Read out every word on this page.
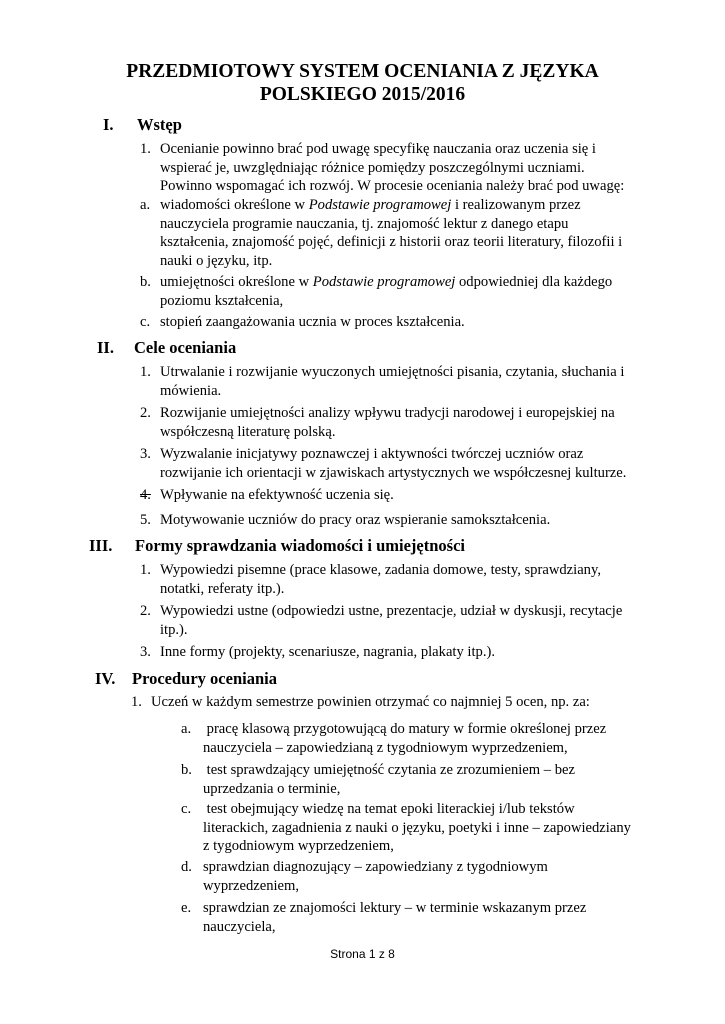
PRZEDMIOTOWY SYSTEM OCENIANIA Z JĘZYKA
POLSKIEGO 2015/2016
I. Wstęp
1. Ocenianie powinno brać pod uwagę specyfikę nauczania oraz uczenia się i
wspierać je, uwzględniając różnice pomiędzy poszczególnymi uczniami.
Powinno wspomagać ich rozwój. W procesie oceniania należy brać pod uwagę:
a. wiadomości określone w Podstawie programowej i realizowanym przez
nauczyciela programie nauczania, tj. znajomość lektur z danego etapu
kształcenia, znajomość pojęć, definicji z historii oraz teorii literatury, filozofii i
nauki o języku, itp.
b. umiejętności określone w Podstawie programowej odpowiedniej dla każdego
poziomu kształcenia,
c. stopień zaangażowania ucznia w proces kształcenia.
II. Cele oceniania
1. Utrwalanie i rozwijanie wyuczonych umiejętności pisania, czytania, słuchania i
mówienia.
2. Rozwijanie umiejętności analizy wpływu tradycji narodowej i europejskiej na
współczesną literaturę polską.
3. Wyzwalanie inicjatywy poznawczej i aktywności twórczej uczniów oraz
rozwijanie ich orientacji w zjawiskach artystycznych we współczesnej kulturze.
4. Wpływanie na efektywność uczenia się.
5. Motywowanie uczniów do pracy oraz wspieranie samokształcenia.
III. Formy sprawdzania wiadomości i umiejętności
1. Wypowiedzi pisemne (prace klasowe, zadania domowe, testy, sprawdziany,
notatki, referaty itp.).
2. Wypowiedzi ustne (odpowiedzi ustne, prezentacje, udział w dyskusji, recytacje
itp.).
3. Inne formy (projekty, scenariusze, nagrania, plakaty itp.).
IV. Procedury oceniania
1. Uczeń w każdym semestrze powinien otrzymać co najmniej 5 ocen, np. za:
a. pracę klasową przygotowującą do matury w formie określonej przez
nauczyciela – zapowiedzianą z tygodniowym wyprzedzeniem,
b. test sprawdzający umiejętność czytania ze zrozumieniem – bez
uprzedzania o terminie,
c. test obejmujący wiedzę na temat epoki literackiej i/lub tekstów
literackich, zagadnienia z nauki o języku, poetyki i inne – zapowiedziany
z tygodniowym wyprzedzeniem,
d. sprawdzian diagnozujący – zapowiedziany z tygodniowym
wyprzedzeniem,
e. sprawdzian ze znajomości lektury – w terminie wskazanym przez
nauczyciela,
Strona 1 z 8
